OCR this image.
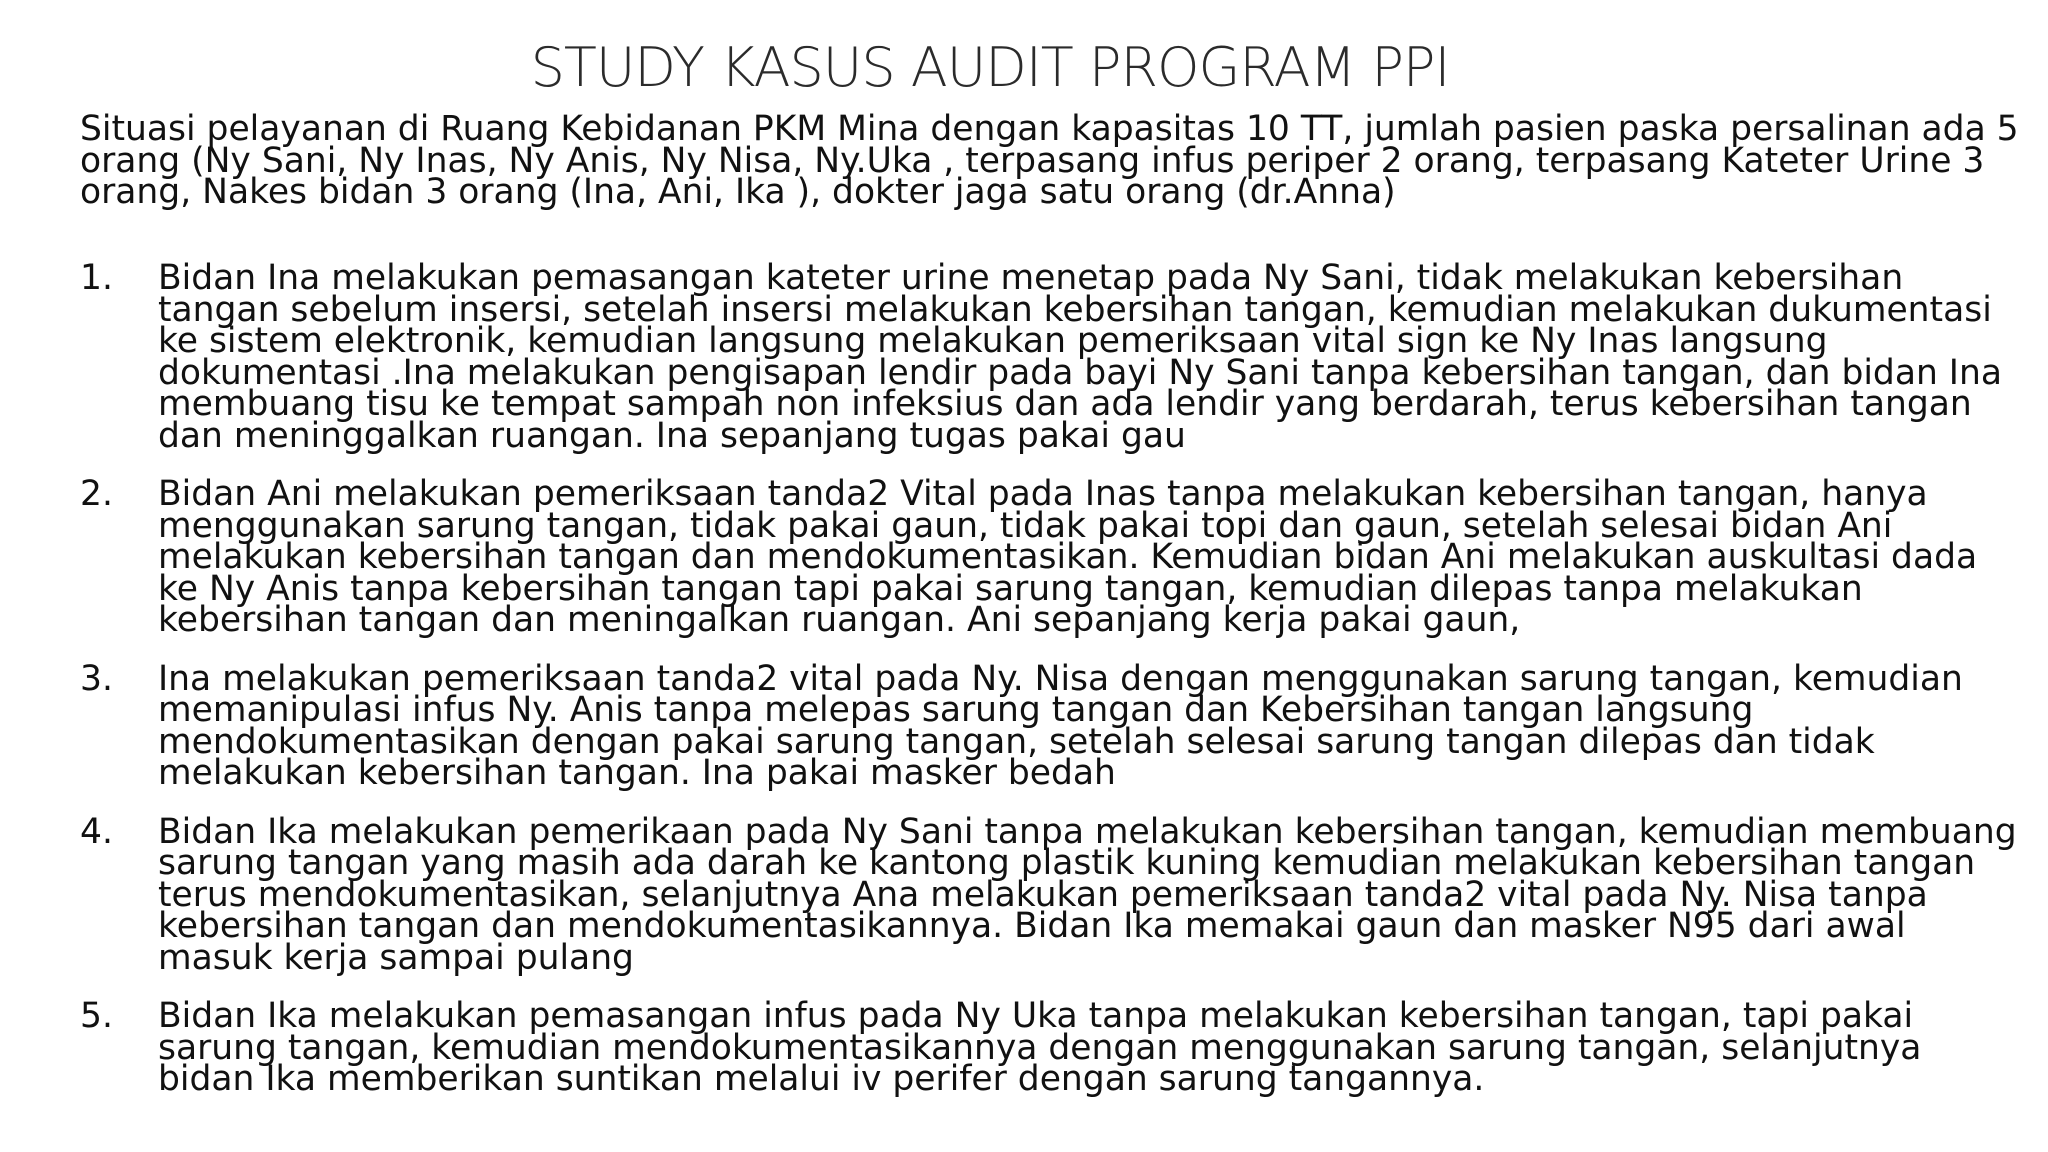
STUDY KASUS AUDIT PROGRAM PPI
Situasi pelayanan di Ruang Kebidanan PKM Mina dengan kapasitas 10 TT, jumlah pasien paska persalinan ada 5 orang (Ny Sani, Ny Inas, Ny Anis, Ny Nisa, Ny.Uka , terpasang infus periper 2 orang, terpasang Kateter Urine 3 orang, Nakes bidan 3 orang (Ina, Ani, Ika ), dokter jaga satu orang (dr.Anna)
1. Bidan Ina melakukan pemasangan kateter urine menetap pada Ny Sani, tidak melakukan kebersihan tangan sebelum insersi, setelah insersi melakukan kebersihan tangan, kemudian melakukan dukumentasi ke sistem elektronik, kemudian langsung melakukan pemeriksaan vital sign ke Ny Inas langsung dokumentasi .Ina melakukan pengisapan lendir pada bayi Ny Sani tanpa kebersihan tangan, dan bidan Ina membuang tisu ke tempat sampah non infeksius dan ada lendir yang berdarah, terus kebersihan tangan dan meninggalkan ruangan. Ina sepanjang tugas pakai gau
2. Bidan Ani melakukan pemeriksaan tanda2 Vital pada Inas tanpa melakukan kebersihan tangan, hanya menggunakan sarung tangan, tidak pakai gaun, tidak pakai topi dan gaun, setelah selesai bidan Ani melakukan kebersihan tangan dan mendokumentasikan. Kemudian bidan Ani melakukan auskultasi dada ke Ny Anis tanpa kebersihan tangan tapi pakai sarung tangan, kemudian dilepas tanpa melakukan kebersihan tangan dan meningalkan ruangan. Ani sepanjang kerja pakai gaun,
3. Ina melakukan pemeriksaan tanda2 vital pada Ny. Nisa dengan menggunakan sarung tangan, kemudian memanipulasi infus Ny. Anis tanpa melepas sarung tangan dan Kebersihan tangan langsung mendokumentasikan dengan pakai sarung tangan, setelah selesai sarung tangan dilepas dan tidak melakukan kebersihan tangan. Ina pakai masker bedah
4. Bidan Ika melakukan pemerikaan pada Ny Sani tanpa melakukan kebersihan tangan, kemudian membuang sarung tangan yang masih ada darah ke kantong plastik kuning kemudian melakukan kebersihan tangan terus mendokumentasikan, selanjutnya Ana melakukan pemeriksaan tanda2 vital pada Ny. Nisa tanpa kebersihan tangan dan mendokumentasikannya. Bidan Ika memakai gaun dan masker N95 dari awal masuk kerja sampai pulang
5. Bidan Ika melakukan pemasangan infus pada Ny Uka tanpa melakukan kebersihan tangan, tapi pakai sarung tangan, kemudian mendokumentasikannya dengan menggunakan sarung tangan, selanjutnya bidan Ika memberikan suntikan melalui iv perifer dengan sarung tangannya.
